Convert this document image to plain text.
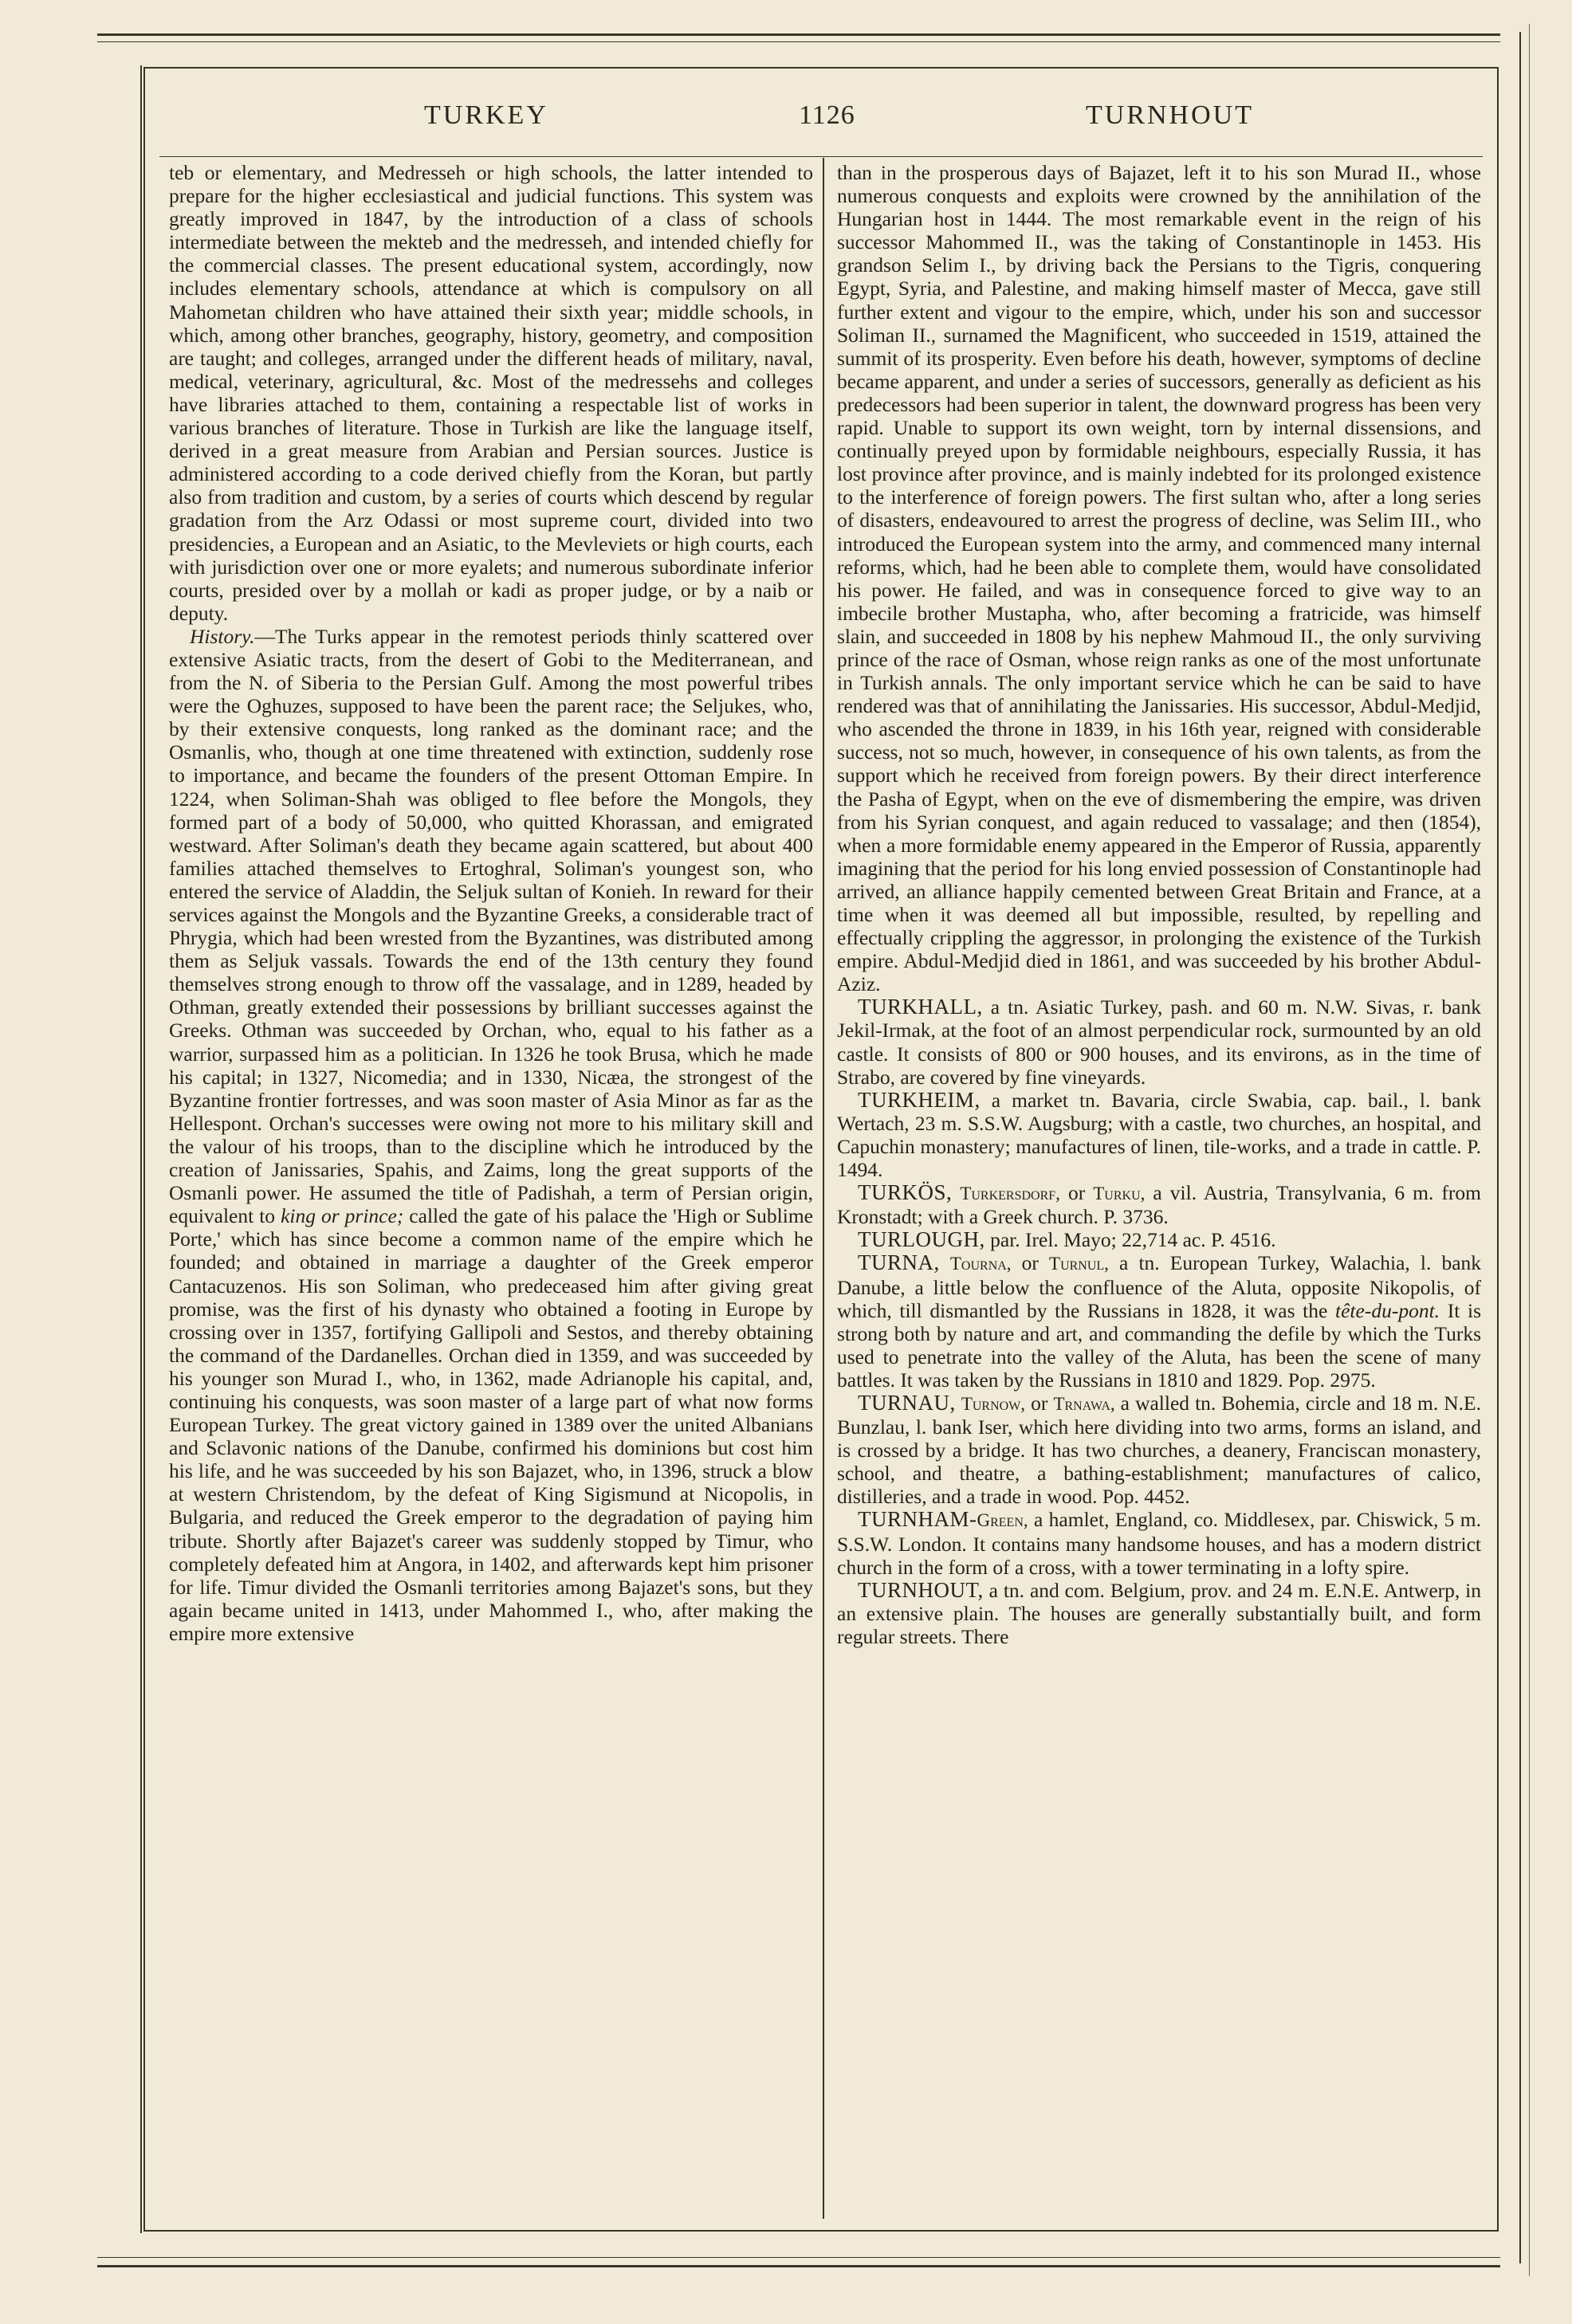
TURKEY	1126	TURNHOUT

teb or elementary, and Medresseh or high schools, the latter intended to prepare for the higher ecclesiastical and judicial functions. This system was greatly improved in 1847, by the introduction of a class of schools intermediate between the mekteb and the medresseh, and intended chiefly for the commercial classes. The present educational system, accordingly, now includes elementary schools, attendance at which is compulsory on all Mahometan children who have attained their sixth year; middle schools, in which, among other branches, geography, history, geometry, and composition are taught; and colleges, arranged under the different heads of military, naval, medical, veterinary, agricultural, &c. Most of the medressehs and colleges have libraries attached to them, containing a respectable list of works in various branches of literature. Those in Turkish are like the language itself, derived in a great measure from Arabian and Persian sources. Justice is administered according to a code derived chiefly from the Koran, but partly also from tradition and custom, by a series of courts which descend by regular gradation from the Arz Odassi or most supreme court, divided into two presidencies, a European and an Asiatic, to the Mevleviets or high courts, each with jurisdiction over one or more eyalets; and numerous subordinate inferior courts, presided over by a mollah or kadi as proper judge, or by a naib or deputy.

History.—The Turks appear in the remotest periods thinly scattered over extensive Asiatic tracts, from the desert of Gobi to the Mediterranean, and from the N. of Siberia to the Persian Gulf. Among the most powerful tribes were the Oghuzes, supposed to have been the parent race; the Seljukes, who, by their extensive conquests, long ranked as the dominant race; and the Osmanlis, who, though at one time threatened with extinction, suddenly rose to importance, and became the founders of the present Ottoman Empire. In 1224, when Soliman-Shah was obliged to flee before the Mongols, they formed part of a body of 50,000, who quitted Khorassan, and emigrated westward. After Soliman's death they became again scattered, but about 400 families attached themselves to Ertoghral, Soliman's youngest son, who entered the service of Aladdin, the Seljuk sultan of Konieh. In reward for their services against the Mongols and the Byzantine Greeks, a considerable tract of Phrygia, which had been wrested from the Byzantines, was distributed among them as Seljuk vassals. Towards the end of the 13th century they found themselves strong enough to throw off the vassalage, and in 1289, headed by Othman, greatly extended their possessions by brilliant successes against the Greeks. Othman was succeeded by Orchan, who, equal to his father as a warrior, surpassed him as a politician. In 1326 he took Brusa, which he made his capital; in 1327, Nicomedia; and in 1330, Nicæa, the strongest of the Byzantine frontier fortresses, and was soon master of Asia Minor as far as the Hellespont. Orchan's successes were owing not more to his military skill and the valour of his troops, than to the discipline which he introduced by the creation of Janissaries, Spahis, and Zaims, long the great supports of the Osmanli power. He assumed the title of Padishah, a term of Persian origin, equivalent to king or prince; called the gate of his palace the 'High or Sublime Porte,' which has since become a common name of the empire which he founded; and obtained in marriage a daughter of the Greek emperor Cantacuzenos. His son Soliman, who predeceased him after giving great promise, was the first of his dynasty who obtained a footing in Europe by crossing over in 1357, fortifying Gallipoli and Sestos, and thereby obtaining the command of the Dardanelles. Orchan died in 1359, and was succeeded by his younger son Murad I., who, in 1362, made Adrianople his capital, and, continuing his conquests, was soon master of a large part of what now forms European Turkey. The great victory gained in 1389 over the united Albanians and Sclavonic nations of the Danube, confirmed his dominions but cost him his life, and he was succeeded by his son Bajazet, who, in 1396, struck a blow at western Christendom, by the defeat of King Sigismund at Nicopolis, in Bulgaria, and reduced the Greek emperor to the degradation of paying him tribute. Shortly after Bajazet's career was suddenly stopped by Timur, who completely defeated him at Angora, in 1402, and afterwards kept him prisoner for life. Timur divided the Osmanli territories among Bajazet's sons, but they again became united in 1413, under Mahommed I., who, after making the empire more extensive

than in the prosperous days of Bajazet, left it to his son Murad II., whose numerous conquests and exploits were crowned by the annihilation of the Hungarian host in 1444. The most remarkable event in the reign of his successor Mahommed II., was the taking of Constantinople in 1453. His grandson Selim I., by driving back the Persians to the Tigris, conquering Egypt, Syria, and Palestine, and making himself master of Mecca, gave still further extent and vigour to the empire, which, under his son and successor Soliman II., surnamed the Magnificent, who succeeded in 1519, attained the summit of its prosperity. Even before his death, however, symptoms of decline became apparent, and under a series of successors, generally as deficient as his predecessors had been superior in talent, the downward progress has been very rapid. Unable to support its own weight, torn by internal dissensions, and continually preyed upon by formidable neighbours, especially Russia, it has lost province after province, and is mainly indebted for its prolonged existence to the interference of foreign powers. The first sultan who, after a long series of disasters, endeavoured to arrest the progress of decline, was Selim III., who introduced the European system into the army, and commenced many internal reforms, which, had he been able to complete them, would have consolidated his power. He failed, and was in consequence forced to give way to an imbecile brother Mustapha, who, after becoming a fratricide, was himself slain, and succeeded in 1808 by his nephew Mahmoud II., the only surviving prince of the race of Osman, whose reign ranks as one of the most unfortunate in Turkish annals. The only important service which he can be said to have rendered was that of annihilating the Janissaries. His successor, Abdul-Medjid, who ascended the throne in 1839, in his 16th year, reigned with considerable success, not so much, however, in consequence of his own talents, as from the support which he received from foreign powers. By their direct interference the Pasha of Egypt, when on the eve of dismembering the empire, was driven from his Syrian conquest, and again reduced to vassalage; and then (1854), when a more formidable enemy appeared in the Emperor of Russia, apparently imagining that the period for his long envied possession of Constantinople had arrived, an alliance happily cemented between Great Britain and France, at a time when it was deemed all but impossible, resulted, by repelling and effectually crippling the aggressor, in prolonging the existence of the Turkish empire. Abdul-Medjid died in 1861, and was succeeded by his brother Abdul-Aziz.

TURKHALL, a tn. Asiatic Turkey, pash. and 60 m. N.W. Sivas, r. bank Jekil-Irmak, at the foot of an almost perpendicular rock, surmounted by an old castle. It consists of 800 or 900 houses, and its environs, as in the time of Strabo, are covered by fine vineyards.

TURKHEIM, a market tn. Bavaria, circle Swabia, cap. bail., l. bank Wertach, 23 m. S.S.W. Augsburg; with a castle, two churches, an hospital, and Capuchin monastery; manufactures of linen, tile-works, and a trade in cattle. P. 1494.

TURKÖS, Turkersdorf, or Turku, a vil. Austria, Transylvania, 6 m. from Kronstadt; with a Greek church. P. 3736.

TURLOUGH, par. Irel. Mayo; 22,714 ac. P. 4516.

TURNA, Tourna, or Turnul, a tn. European Turkey, Walachia, l. bank Danube, a little below the confluence of the Aluta, opposite Nikopolis, of which, till dismantled by the Russians in 1828, it was the tête-du-pont. It is strong both by nature and art, and commanding the defile by which the Turks used to penetrate into the valley of the Aluta, has been the scene of many battles. It was taken by the Russians in 1810 and 1829. Pop. 2975.

TURNAU, Turnow, or Trnawa, a walled tn. Bohemia, circle and 18 m. N.E. Bunzlau, l. bank Iser, which here dividing into two arms, forms an island, and is crossed by a bridge. It has two churches, a deanery, Franciscan monastery, school, and theatre, a bathing-establishment; manufactures of calico, distilleries, and a trade in wood. Pop. 4452.

TURNHAM-Green, a hamlet, England, co. Middlesex, par. Chiswick, 5 m. S.S.W. London. It contains many handsome houses, and has a modern district church in the form of a cross, with a tower terminating in a lofty spire.

TURNHOUT, a tn. and com. Belgium, prov. and 24 m. E.N.E. Antwerp, in an extensive plain. The houses are generally substantially built, and form regular streets. There
